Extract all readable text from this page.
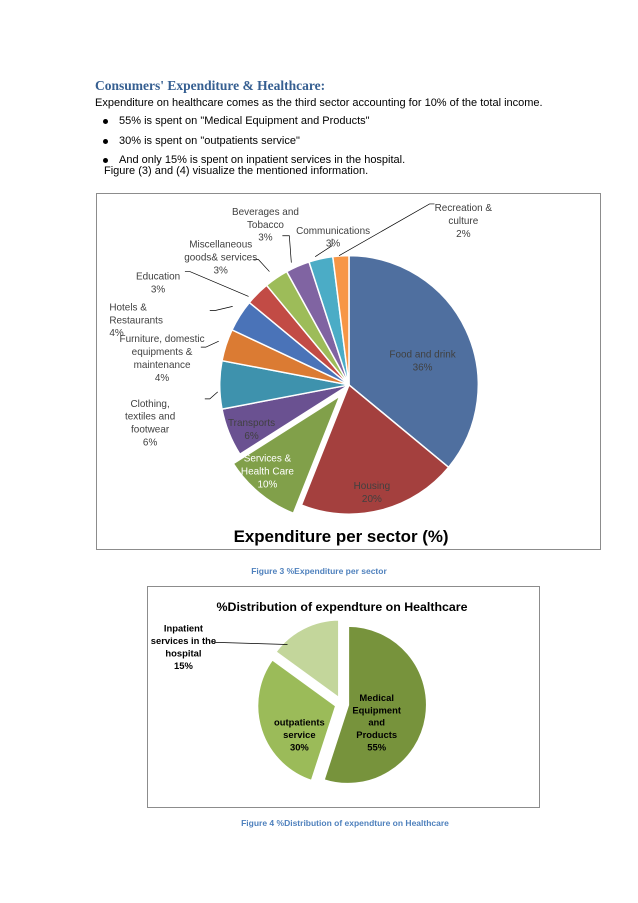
Consumers' Expenditure & Healthcare:
Expenditure on healthcare comes as the third sector accounting for 10% of the total income.
55% is spent on "Medical Equipment and Products"
30% is spent on "outpatients service"
And only 15% is spent on inpatient services in the hospital.
Figure (3) and (4) visualize the mentioned information.
Food and drink
36%
Housing
20%
Services &
Health Care
10%
Transports
6%
Clothing,
textiles and
footwear
6%
Furniture, domestic
equipments &
maintenance
4%
Hotels &
Restaurants
4%
Education
3%
Miscellaneous
goods& services
3%
Beverages and
Tobacco
3%
Communications
3%
Recreation &
culture
2%
Expenditure per sector (%)
Figure 3 %Expenditure per sector
Medical
Equipment
and
Products
55%
outpatients
service
30%
Inpatient
services in the
hospital
15%
%Distribution of expendture on Healthcare
Figure 4 %Distribution of expendture on Healthcare
